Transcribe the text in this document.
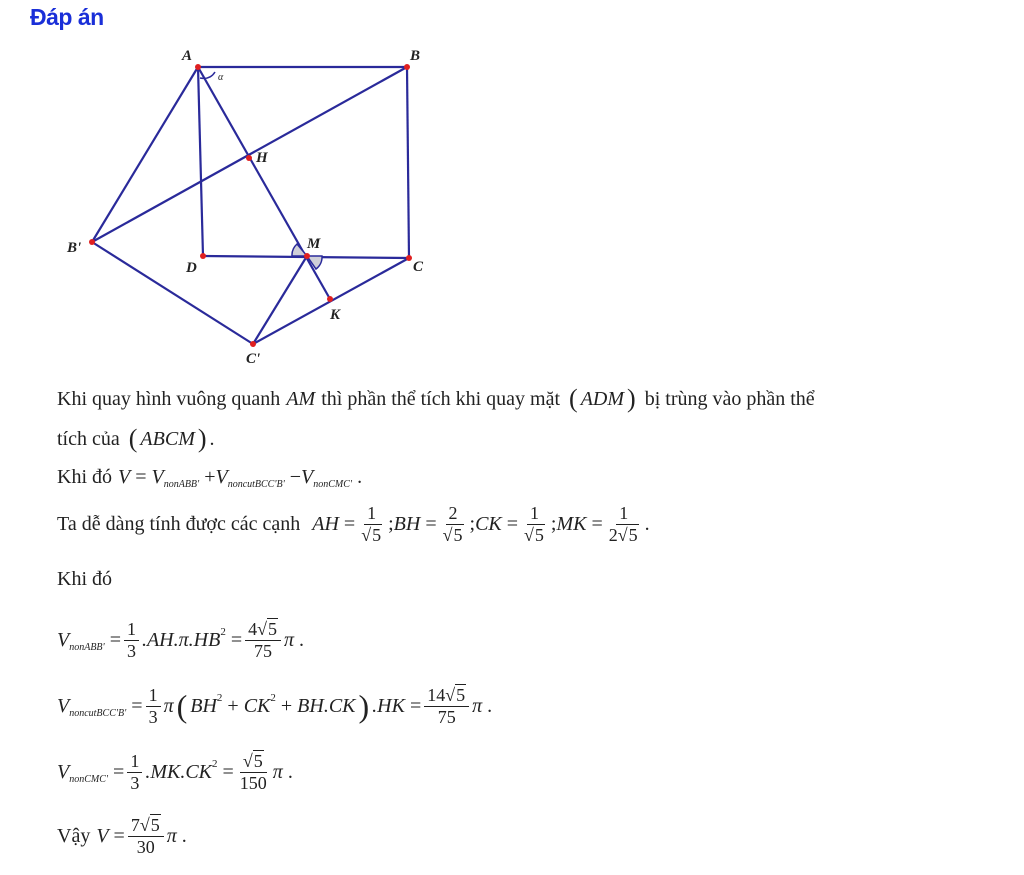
Đáp án
A	B
C
D
B'
C'
H
K
M
α
Khi quay hình vuông quanh AM thì phần thể tích khi quay mặt ( ADM ) bị trùng vào phần thể
tích của ( ABCM ) .
Khi đó V = V nonABB' + V noncutBCC'B' − V nonCMC' .
Ta dễ dàng tính được các cạnh AH = $\frac{1}{√5}$ ; BH = $\frac{2}{√5}$ ; CK = $\frac{1}{√5}$ ; MK = $\frac{1}{2√5}$ .
Khi đó
V nonABB' = $\frac{1}{3} .AH.\pi.HB$ $2 = \frac{4√5}{75}$ π .
V noncutBCC'B' = $\frac{1}{3}$ π ( BH 2 + CK 2 + BH.CK ) $.HK = \frac{14√5}{75}$ π .
V nonCMC' = $\frac{1}{3} .MK.CK$ $2 = \frac{√5}{150}$ π .
Vậy $V = \frac{7√5}{30}$ π .
